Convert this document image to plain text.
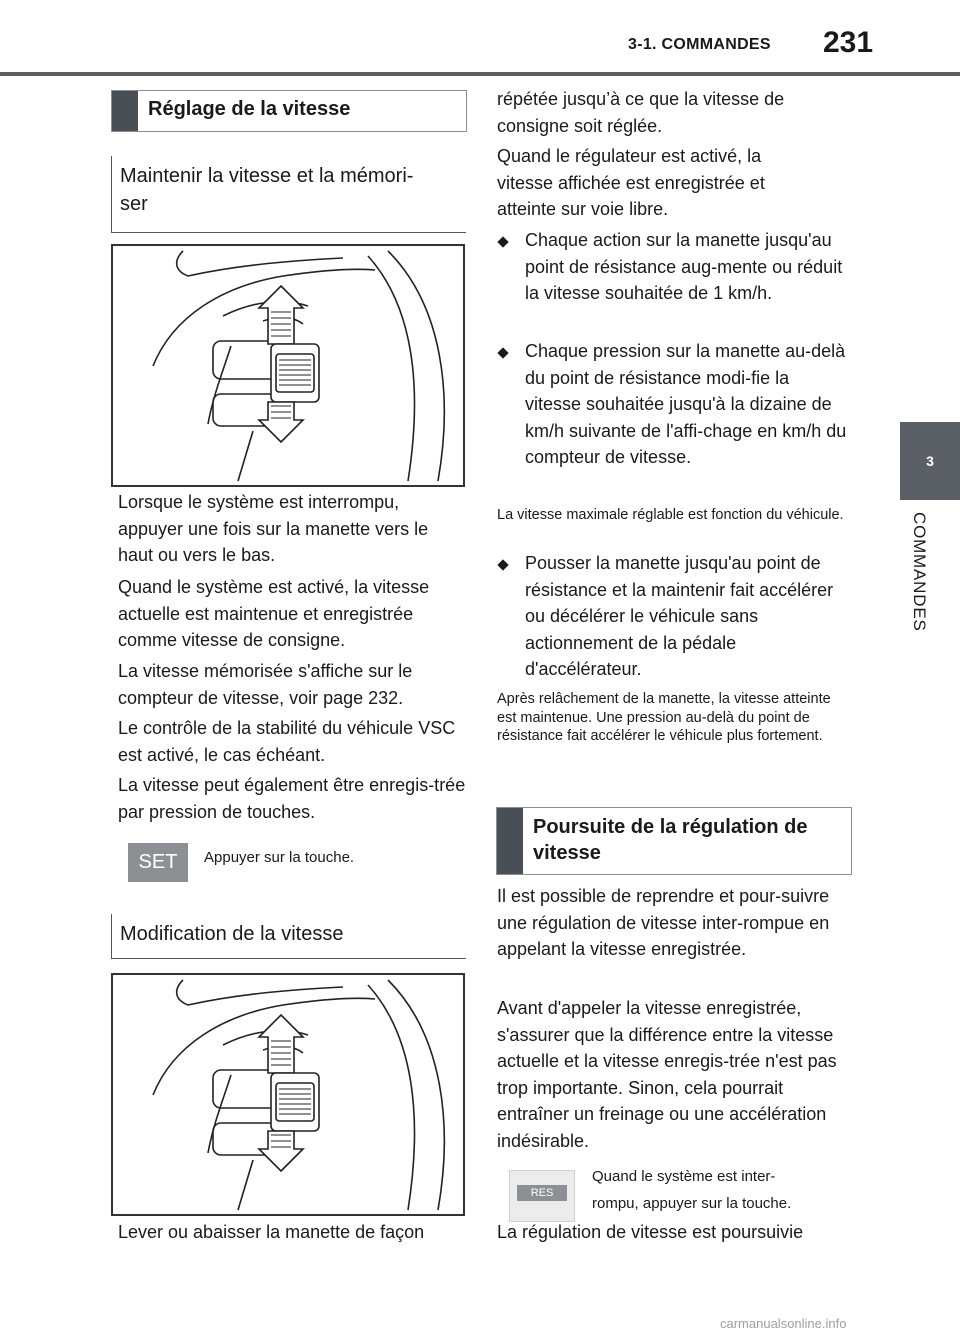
3-1. COMMANDES 231
3
COMMANDES
Réglage de la vitesse
Maintenir la vitesse et la mémori-
ser
Lorsque le système est interrompu, appuyer une fois sur la manette vers le haut ou vers le bas.
Quand le système est activé, la vitesse actuelle est maintenue et enregistrée comme vitesse de consigne.
La vitesse mémorisée s'affiche sur le compteur de vitesse, voir page 232.
Le contrôle de la stabilité du véhicule VSC est activé, le cas échéant.
La vitesse peut également être enregis-trée par pression de touches.
SET Appuyer sur la touche.
Modification de la vitesse
Lever ou abaisser la manette de façon
répétée jusqu’à ce que la vitesse de consigne soit réglée.
Quand le régulateur est activé, la vitesse affichée est enregistrée et atteinte sur voie libre.
Chaque action sur la manette jusqu'au point de résistance aug-mente ou réduit la vitesse souhaitée de 1 km/h.
Chaque pression sur la manette au-delà du point de résistance modi-fie la vitesse souhaitée jusqu'à la dizaine de km/h suivante de l'affi-chage en km/h du compteur de vitesse.
La vitesse maximale réglable est fonction du véhicule.
Pousser la manette jusqu'au point de résistance et la maintenir fait accélérer ou décélérer le véhicule sans actionnement de la pédale d'accélérateur.
Après relâchement de la manette, la vitesse atteinte est maintenue. Une pression au-delà du point de résistance fait accélérer le véhicule plus fortement.
Poursuite de la régulation de vitesse
Il est possible de reprendre et pour-suivre une régulation de vitesse inter-rompue en appelant la vitesse enregistrée.
Avant d'appeler la vitesse enregistrée, s'assurer que la différence entre la vitesse actuelle et la vitesse enregis-trée n'est pas trop importante. Sinon, cela pourrait entraîner un freinage ou une accélération indésirable.
RES
Quand le système est inter-
rompu, appuyer sur la touche.
La régulation de vitesse est poursuivie
carmanualsonline.info
